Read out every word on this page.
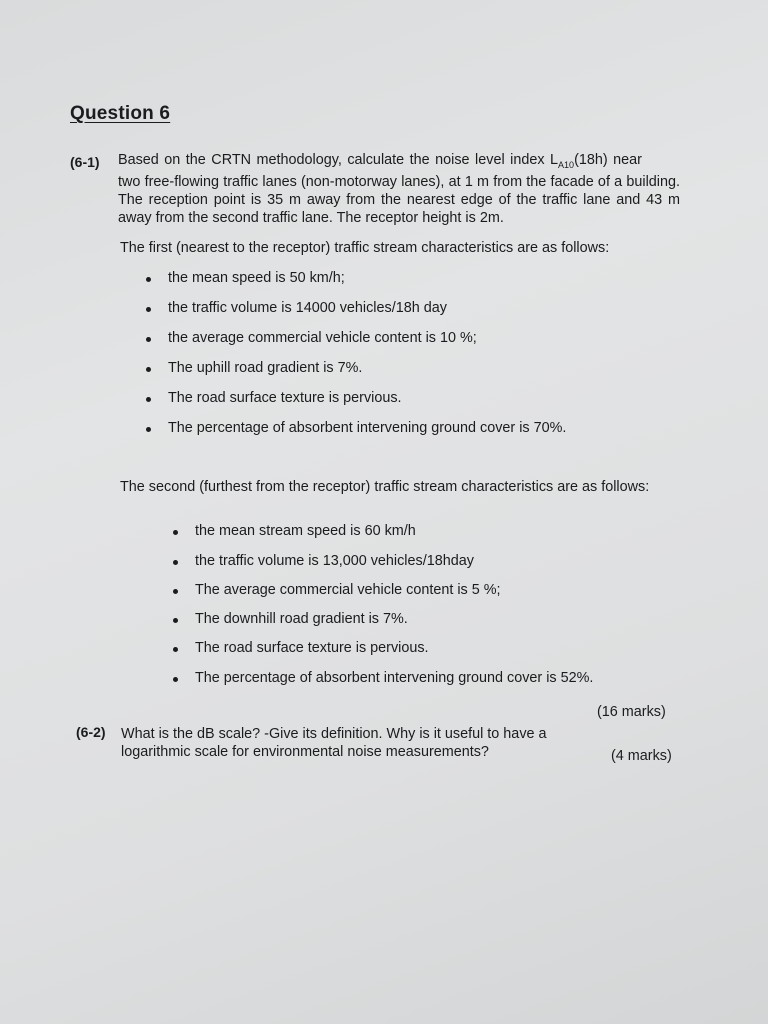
Question 6
(6-1) Based on the CRTN methodology, calculate the noise level index $L_{A10}(18h)$ near
two free-flowing traffic lanes (non-motorway lanes), at 1 m from the facade of a building. The reception point is 35 m away from the nearest edge of the traffic lane and 43 m away from the second traffic lane. The receptor height is 2m.
The first (nearest to the receptor) traffic stream characteristics are as follows:
the mean speed is 50 km/h;
the traffic volume is 14000 vehicles/18h day
the average commercial vehicle content is 10 %;
The uphill road gradient is 7%.
The road surface texture is pervious.
The percentage of absorbent intervening ground cover is 70%.
The second (furthest from the receptor) traffic stream characteristics are as follows:
the mean stream speed is 60 km/h
the traffic volume is 13,000 vehicles/18hday
The average commercial vehicle content is 5 %;
The downhill road gradient is 7%.
The road surface texture is pervious.
The percentage of absorbent intervening ground cover is 52%.
(16 marks)
(6-2) What is the dB scale? -Give its definition. Why is it useful to have a logarithmic scale for environmental noise measurements?	(4 marks)
